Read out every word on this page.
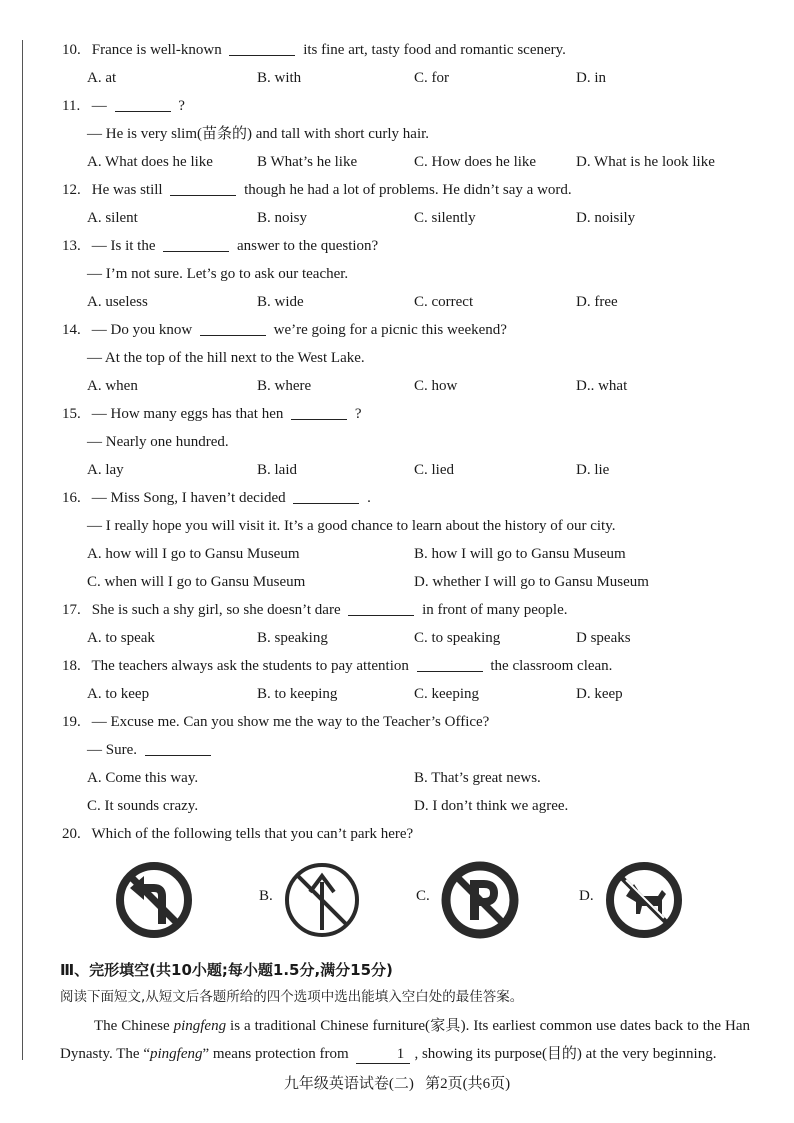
10. France is well-known	its fine art, tasty food and romantic scenery.
A. at	B. with	C. for	D. in
11. —	?
— He is very slim(苗条的) and tall with short curly hair.
A. What does he like	B What’s he like	C. How does he like	D. What is he look like
12. He was still	though he had a lot of problems. He didn’t say a word.
A. silent	B. noisy	C. silently	D. noisily
13. — Is it the	answer to the question?
— I’m not sure. Let’s go to ask our teacher.
A. useless	B. wide	C. correct	D. free
14. — Do you know	we’re going for a picnic this weekend?
— At the top of the hill next to the West Lake.
A. when	B. where	C. how	D.. what
15. — How many eggs has that hen	?
— Nearly one hundred.
A. lay	B. laid	C. lied	D. lie
16. — Miss Song, I haven’t decided	.
— I really hope you will visit it. It’s a good chance to learn about the history of our city.
A. how will I go to Gansu Museum	B. how I will go to Gansu Museum
C. when will I go to Gansu Museum	D. whether I will go to Gansu Museum
17. She is such a shy girl, so she doesn’t dare	in front of many people.
A. to speak	B. speaking	C. to speaking	D speaks
18. The teachers always ask the students to pay attention	the classroom clean.
A. to keep	B. to keeping	C. keeping	D. keep
19. — Excuse me. Can you show me the way to the Teacher’s Office?
— Sure.
A. Come this way.	B. That’s great news.
C. It sounds crazy.	D. I don’t think we agree.
20. Which of the following tells that you can’t park here?
B.	C.	D.
Ⅲ、完形填空(共10小题;每小题1.5分,满分15分)
阅读下面短文,从短文后各题所给的四个选项中选出能填入空白处的最佳答案。

The Chinese pingfeng is a traditional Chinese furniture(家具). Its earliest common use dates back to the Han Dynasty. The “pingfeng” means protection from	1 , showing its purpose(目的) at the very beginning.

九年级英语试卷(二) 第2页(共6页)
